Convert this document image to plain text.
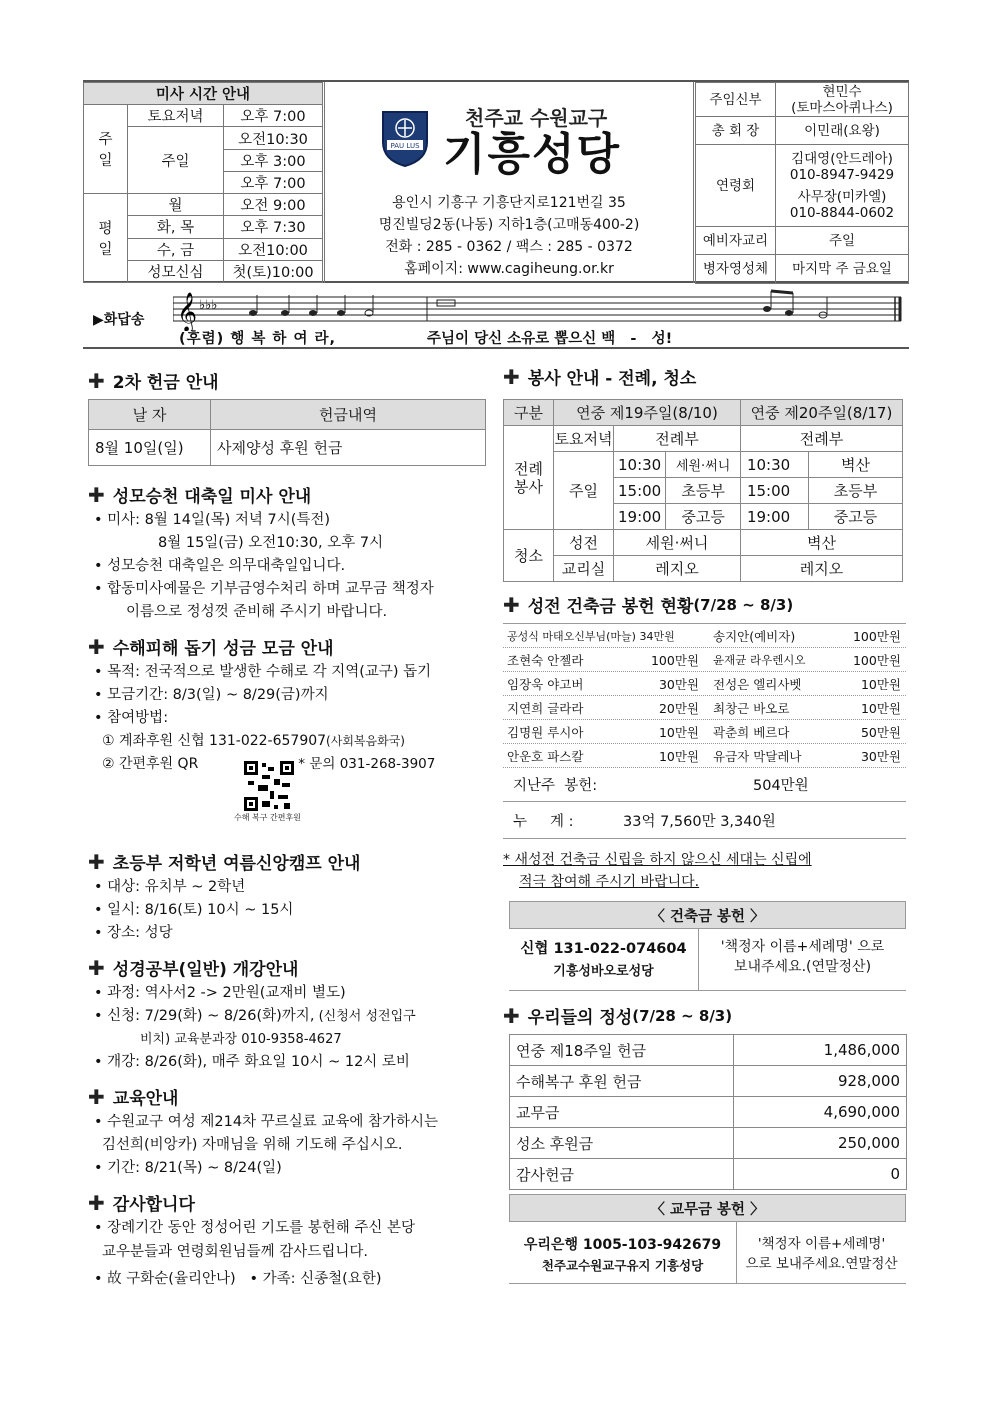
미사 시간 안내		
주
일	토요저녁	오후 7:00
	주일	오전10:30
		오후 3:00
		오후 7:00
평
일	월	오전 9:00
	화, 목	오후 7:30
	수, 금	오전10:00
	성모신심	첫(토)10:00
PAU LUS
천주교 수원교구
기흥성당
용인시 기흥구 기흥단지로121번길 35
명진빌딩2동(나동) 지하1층(고매동400-2)
전화 : 285 - 0362 / 팩스 : 285 - 0372
홈페이지: www.cagiheung.or.kr
주임신부	현민수
(토마스아퀴나스)

총 회 장	이민래(요왕)
연령회	김대영(안드레아)
010-8947-9429
사무장(미카엘)
010-8844-0602

예비자교리	주일
병자영성체	마지막 주 금요일
▶화답송 𝄞 ♭♭♭
(후렴) 행 복 하 여 라,	주님이 당신 소유로 뽑으신 백   -   성!
✚ 2차 헌금 안내
날 자	헌금내역
8월 10일(일)	사제양성 후원 헌금
✚ 성모승천 대축일 미사 안내
• 미사: 8월 14일(목) 저녁 7시(특전)
8월 15일(금) 오전10:30, 오후 7시
• 성모승천 대축일은 의무대축일입니다.
• 합동미사예물은 기부금영수처리 하며 교무금 책정자
이름으로 정성껏 준비해 주시기 바랍니다.
✚ 수해피해 돕기 성금 모금 안내
• 목적: 전국적으로 발생한 수해로 각 지역(교구) 돕기
• 모금기간: 8/3(일) ~ 8/29(금)까지
• 참여방법:
① 계좌후원 신협 131-022-657907(사회복음화국)
② 간편후원 QR	* 문의 031-268-3907
수해 복구 간편후원
✚ 초등부 저학년 여름신앙캠프 안내
• 대상: 유치부 ~ 2학년
• 일시: 8/16(토) 10시 ~ 15시
• 장소: 성당
✚ 성경공부(일반) 개강안내
• 과정: 역사서2 -> 2만원(교재비 별도)
• 신청: 7/29(화) ~ 8/26(화)까지, (신청서 성전입구
비치) 교육분과장 010-9358-4627
• 개강: 8/26(화), 매주 화요일 10시 ~ 12시 로비
✚ 교육안내
• 수원교구 여성 제214차 꾸르실료 교육에 참가하시는
김선희(비앙카) 자매님을 위해 기도해 주십시오.
• 기간: 8/21(목) ~ 8/24(일)
✚ 감사합니다
• 장례기간 동안 정성어린 기도를 봉헌해 주신 본당
교우분들과 연령회원님들께 감사드립니다.
• 故 구화순(율리안나)   • 가족: 신종철(요한)
✚ 봉사 안내 - 전례, 청소
구분	연중 제19주일(8/10)			연중 제20주일(8/17)	
전례
봉사	토요저녁	전례부		전례부	
	주일	10:30	세원·써니	10:30	벽산
		15:00	초등부	15:00	초등부
		19:00	중고등	19:00	중고등
청소	성전	세원·써니		벽산	
	교리실	레지오		레지오	
✚ 성전 건축금 봉헌 현황 (7/28 ~ 8/3)
공성식 마태오신부님(마늘) 34만원	송지안(예비자)	100만원
조현숙 안젤라	100만원	윤재균 라우렌시오	100만원
임장욱 야고버	30만원	전성은 엘리사벳	10만원
지연희 글라라	20만원	최창근 바오로	10만원
김명원 루시아	10만원	곽춘희 베르다	50만원
안운호 파스칼	10만원	유금자 막달레나	30만원
지난주  봉헌:	504만원
누     계 :	33억 7,560만 3,340원
* 새성전 건축금 신립을 하지 않으신 세대는 신립에
적극 참여해 주시기 바랍니다.
〈 건축금 봉헌 〉
신협 131-022-074604
기흥성바오로성당
'책정자 이름+세례명' 으로
보내주세요.(연말정산)
✚ 우리들의 정성 (7/28 ~ 8/3)
연중 제18주일 헌금	1,486,000
수해복구 후원 헌금	928,000
교무금	4,690,000
성소 후원금	250,000
감사헌금	0
〈 교무금 봉헌 〉
우리은행 1005-103-942679
천주교수원교구유지 기흥성당
'책정자 이름+세례명'
으로 보내주세요.연말정산
